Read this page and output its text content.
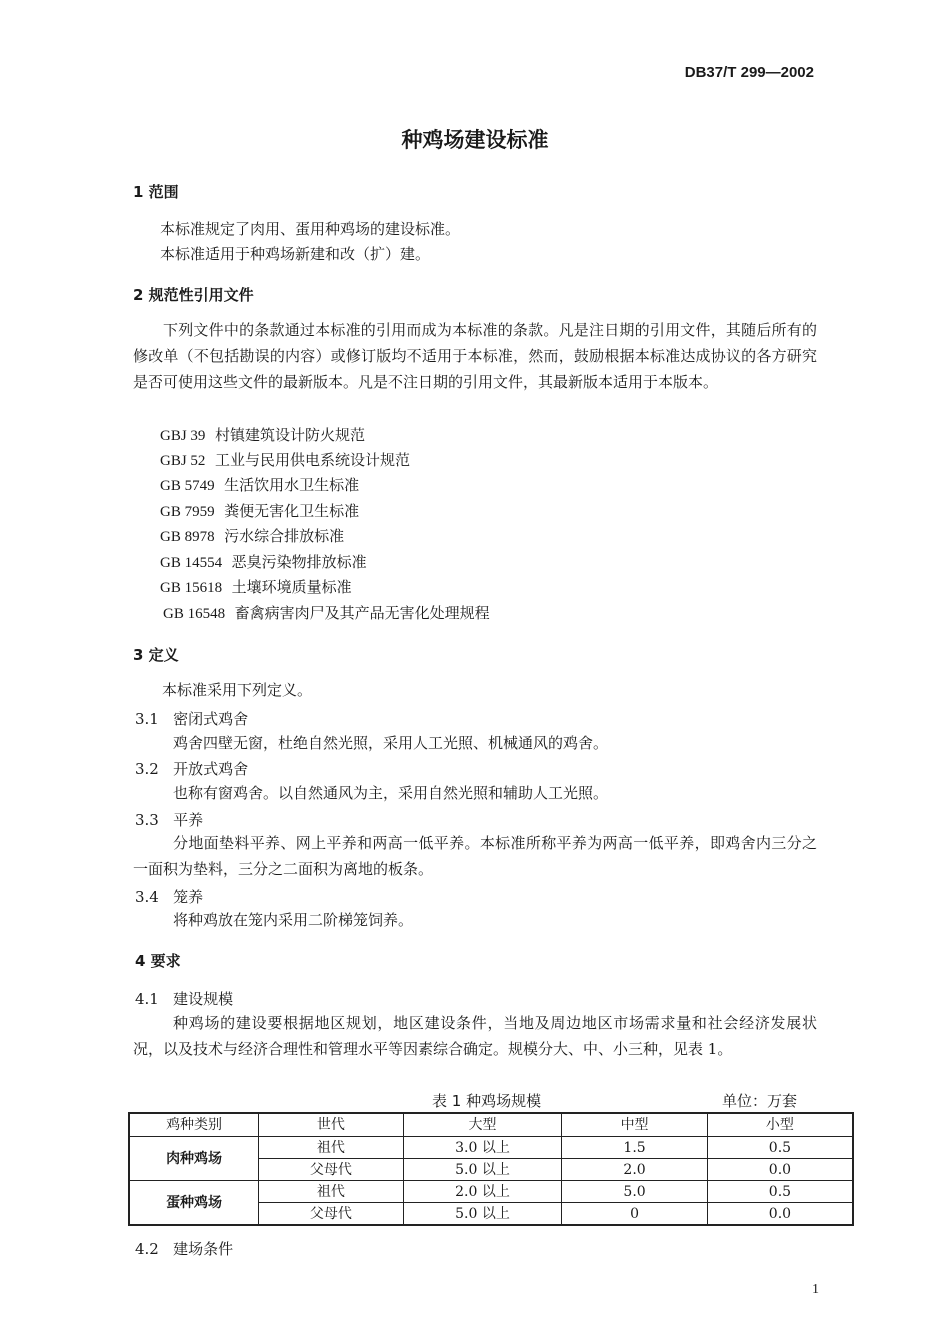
DB37/T 299—2002
种鸡场建设标准
1 范围
本标准规定了肉用、蛋用种鸡场的建设标准。
本标准适用于种鸡场新建和改（扩）建。
2 规范性引用文件
下列文件中的条款通过本标准的引用而成为本标准的条款。凡是注日期的引用文件，其随后所有的修改单（不包括勘误的内容）或修订版均不适用于本标准，然而，鼓励根据本标准达成协议的各方研究是否可使用这些文件的最新版本。凡是不注日期的引用文件，其最新版本适用于本版本。
GBJ 39 村镇建筑设计防火规范
GBJ 52 工业与民用供电系统设计规范
GB 5749 生活饮用水卫生标准
GB 7959 粪便无害化卫生标准
GB 8978 污水综合排放标准
GB 14554 恶臭污染物排放标准
GB 15618 土壤环境质量标准
GB 16548 畜禽病害肉尸及其产品无害化处理规程
3 定义
本标准采用下列定义。
3.1 密闭式鸡舍
鸡舍四壁无窗，杜绝自然光照，采用人工光照、机械通风的鸡舍。
3.2 开放式鸡舍
也称有窗鸡舍。以自然通风为主，采用自然光照和辅助人工光照。
3.3 平养
分地面垫料平养、网上平养和两高一低平养。本标准所称平养为两高一低平养，即鸡舍内三分之一面积为垫料，三分之二面积为离地的板条。
3.4 笼养
将种鸡放在笼内采用二阶梯笼饲养。
4 要求
4.1 建设规模
种鸡场的建设要根据地区规划，地区建设条件，当地及周边地区市场需求量和社会经济发展状况，以及技术与经济合理性和管理水平等因素综合确定。规模分大、中、小三种，见表 1。
表 1 种鸡场规模	单位：万套
鸡种类别	世代	大型	中型	小型
肉种鸡场	祖代	3.0 以上	1.5	0.5
	父母代	5.0 以上	2.0	0.0
蛋种鸡场	祖代	2.0 以上	5.0	0.5
	父母代	5.0 以上	0	0.0
4.2 建场条件
1
